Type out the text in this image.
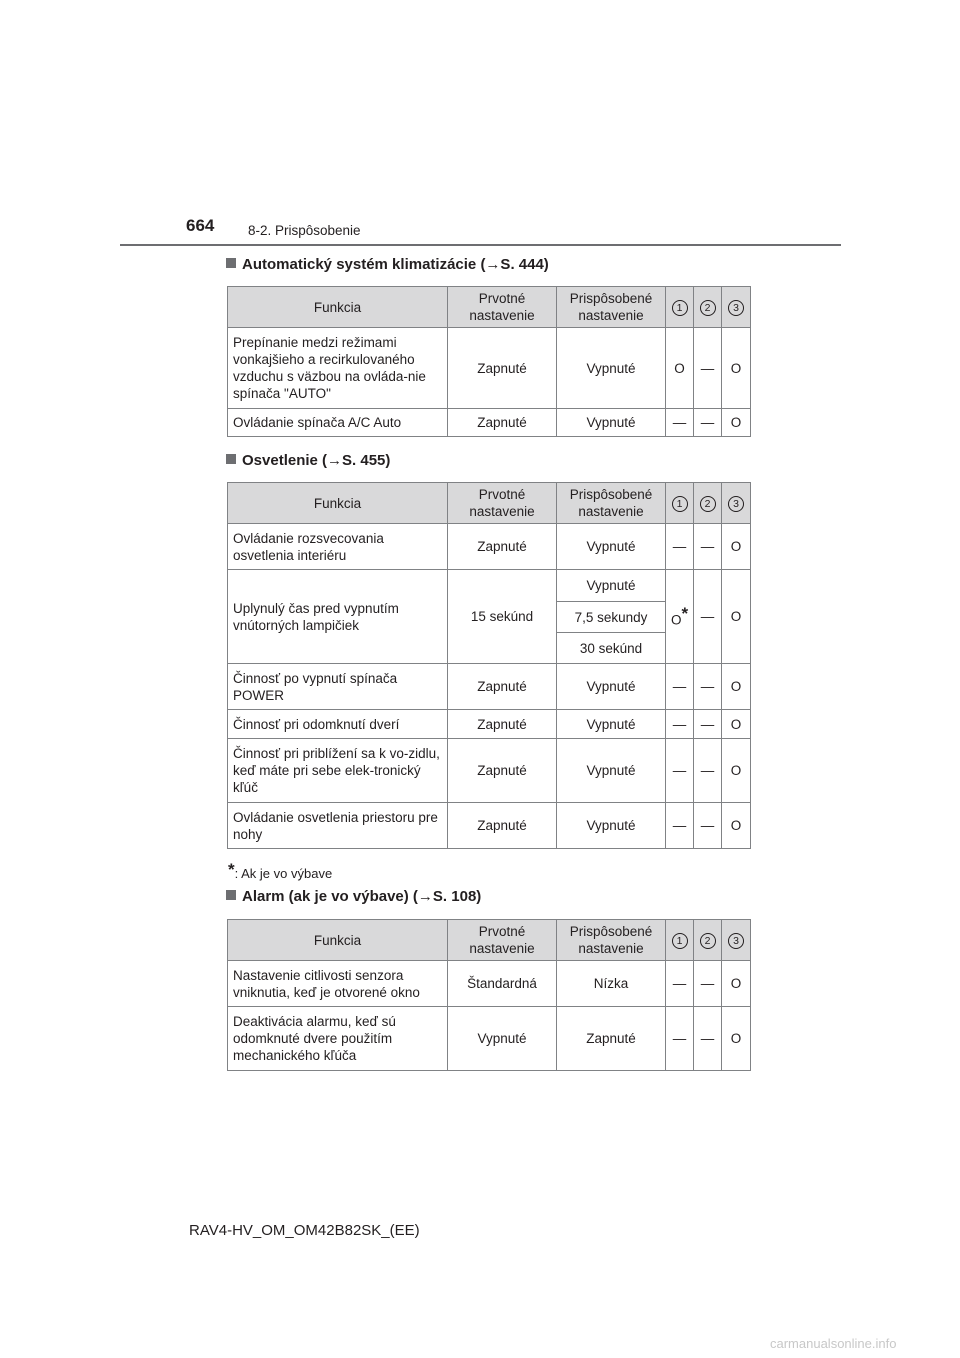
664 8-2. Prispôsobenie
Automatický systém klimatizácie (→S. 444)
Funkcia	Prvotné nastavenie	Prispôsobené nastavenie	1	2	3
Prepínanie medzi režimami vonkajšieho a recirkulovaného vzduchu s väzbou na ovláda-nie spínača "AUTO"	Zapnuté	Vypnuté	O	—	O
Ovládanie spínača A/C Auto	Zapnuté	Vypnuté	—	—	O
Osvetlenie (→S. 455)
Funkcia	Prvotné nastavenie	Prispôsobené nastavenie	1	2	3
Ovládanie rozsvecovania osvetlenia interiéru	Zapnuté	Vypnuté	—	—	O
Uplynulý čas pred vypnutím vnútorných lampičiek	15 sekúnd	Vypnuté	O*	—	O
		7,5 sekundy			
		30 sekúnd			
Činnosť po vypnutí spínača POWER	Zapnuté	Vypnuté	—	—	O
Činnosť pri odomknutí dverí	Zapnuté	Vypnuté	—	—	O
Činnosť pri priblížení sa k vo-zidlu, keď máte pri sebe elek-tronický kľúč	Zapnuté	Vypnuté	—	—	O
Ovládanie osvetlenia priestoru pre nohy	Zapnuté	Vypnuté	—	—	O
*: Ak je vo výbave
Alarm (ak je vo výbave) (→S. 108)
Funkcia	Prvotné nastavenie	Prispôsobené nastavenie	1	2	3
Nastavenie citlivosti senzora vniknutia, keď je otvorené okno	Štandardná	Nízka	—	—	O
Deaktivácia alarmu, keď sú odomknuté dvere použitím mechanického kľúča	Vypnuté	Zapnuté	—	—	O
RAV4-HV_OM_OM42B82SK_(EE)
carmanualsonline.info
